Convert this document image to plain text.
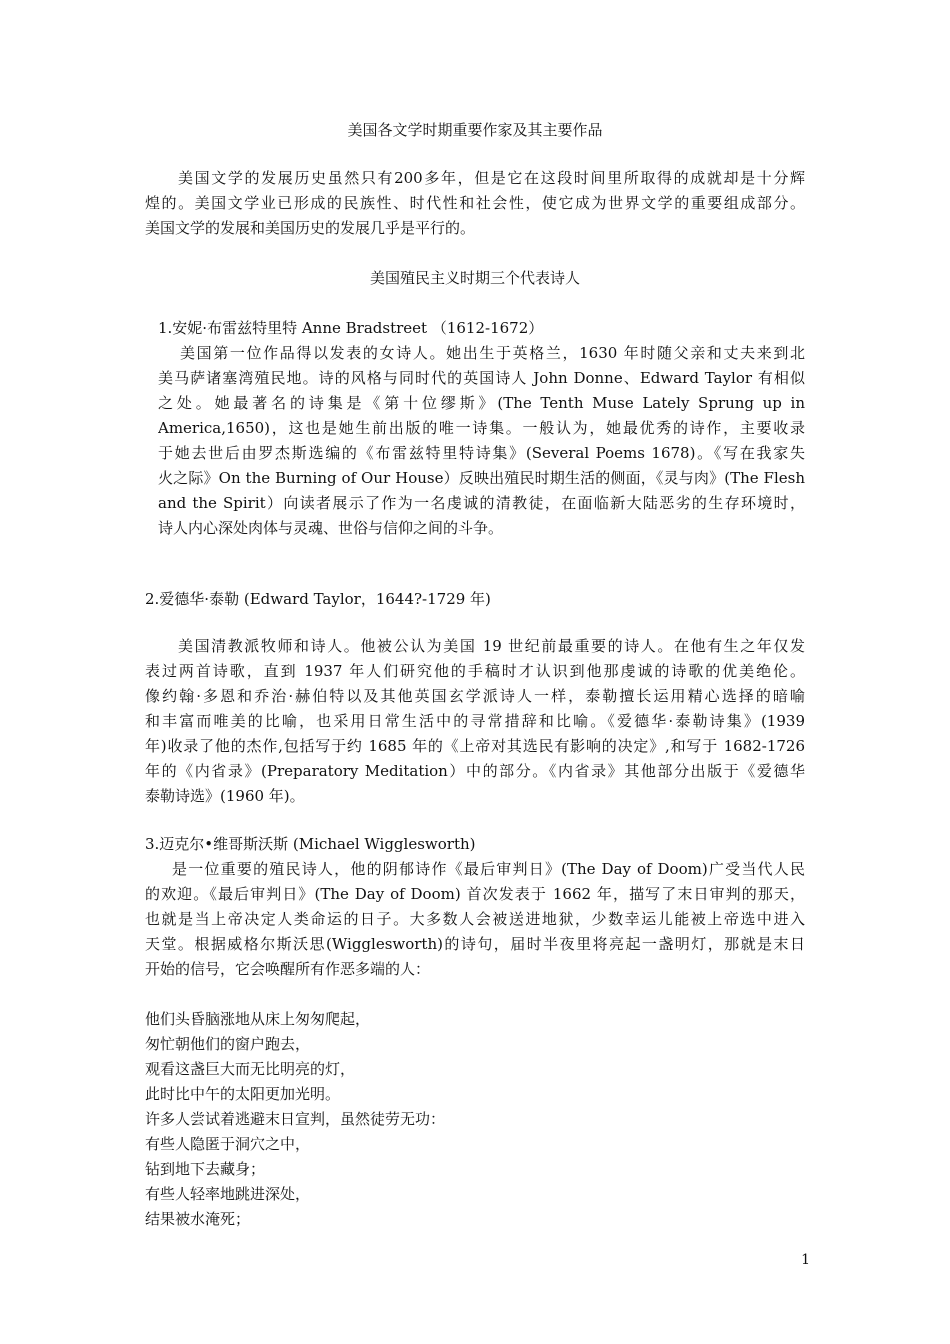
美国各文学时期重要作家及其主要作品
美国文学的发展历史虽然只有200多年，但是它在这段时间里所取得的成就却是十分辉
煌的。美国文学业已形成的民族性、时代性和社会性，使它成为世界文学的重要组成部分。
美国文学的发展和美国历史的发展几乎是平行的。
美国殖民主义时期三个代表诗人
1.安妮·布雷兹特里特 Anne Bradstreet （1612-1672）
美国第一位作品得以发表的女诗人。她出生于英格兰，1630 年时随父亲和丈夫来到北
美马萨诸塞湾殖民地。诗的风格与同时代的英国诗人 John Donne、Edward Taylor 有相似
之处。她最著名的诗集是《第十位缪斯》(The Tenth Muse Lately Sprung up in
America,1650)，这也是她生前出版的唯一诗集。一般认为，她最优秀的诗作，主要收录
于她去世后由罗杰斯选编的《布雷兹特里特诗集》(Several Poems 1678)。《写在我家失
火之际》On the Burning of Our House）反映出殖民时期生活的侧面，《灵与肉》(The Flesh
and the Spirit）向读者展示了作为一名虔诚的清教徒，在面临新大陆恶劣的生存环境时，
诗人内心深处肉体与灵魂、世俗与信仰之间的斗争。
2.爱德华·泰勒 (Edward Taylor，1644?-1729 年)
美国清教派牧师和诗人。他被公认为美国 19 世纪前最重要的诗人。在他有生之年仅发
表过两首诗歌，直到 1937 年人们研究他的手稿时才认识到他那虔诚的诗歌的优美绝伦。
像约翰·多恩和乔治·赫伯特以及其他英国玄学派诗人一样，泰勒擅长运用精心选择的暗喻
和丰富而唯美的比喻，也采用日常生活中的寻常措辞和比喻。《爱德华·泰勒诗集》(1939
年)收录了他的杰作,包括写于约 1685 年的《上帝对其选民有影响的决定》,和写于 1682-1726
年的《内省录》(Preparatory Meditation）中的部分。《内省录》其他部分出版于《爱德华
泰勒诗选》(1960 年)。
3.迈克尔•维哥斯沃斯 (Michael Wigglesworth)
是一位重要的殖民诗人，他的阴郁诗作《最后审判日》(The Day of Doom)广受当代人民
的欢迎。《最后审判日》(The Day of Doom) 首次发表于 1662 年，描写了末日审判的那天，
也就是当上帝决定人类命运的日子。大多数人会被送进地狱，少数幸运儿能被上帝选中进入
天堂。根据威格尔斯沃思(Wigglesworth)的诗句，届时半夜里将亮起一盏明灯，那就是末日
开始的信号，它会唤醒所有作恶多端的人：
他们头昏脑涨地从床上匆匆爬起，
匆忙朝他们的窗户跑去，
观看这盏巨大而无比明亮的灯，
此时比中午的太阳更加光明。
许多人尝试着逃避末日宣判，虽然徒劳无功：
有些人隐匿于洞穴之中，
钻到地下去藏身；
有些人轻率地跳进深处，
结果被水淹死；
1
